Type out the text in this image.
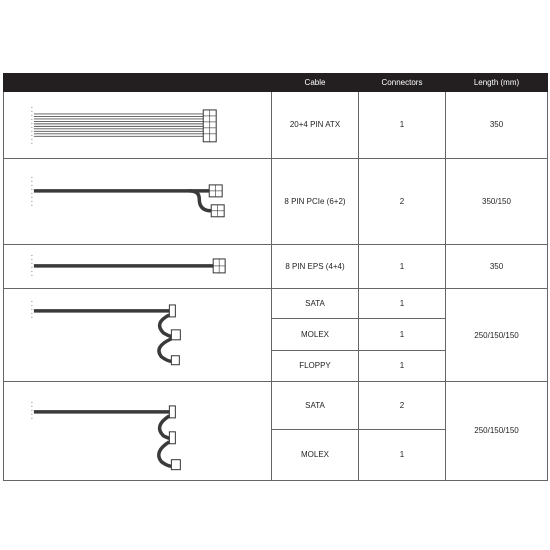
	Cable	Connectors	Length (mm)

	20+4 PIN ATX	1	350

	8 PIN PCIe (6+2)	2	350/150

	8 PIN EPS (4+4)	1	350

	SATA	1	250/150/150
	MOLEX	1	
	FLOPPY	1	

	SATA	2	250/150/150
	MOLEX	1	
